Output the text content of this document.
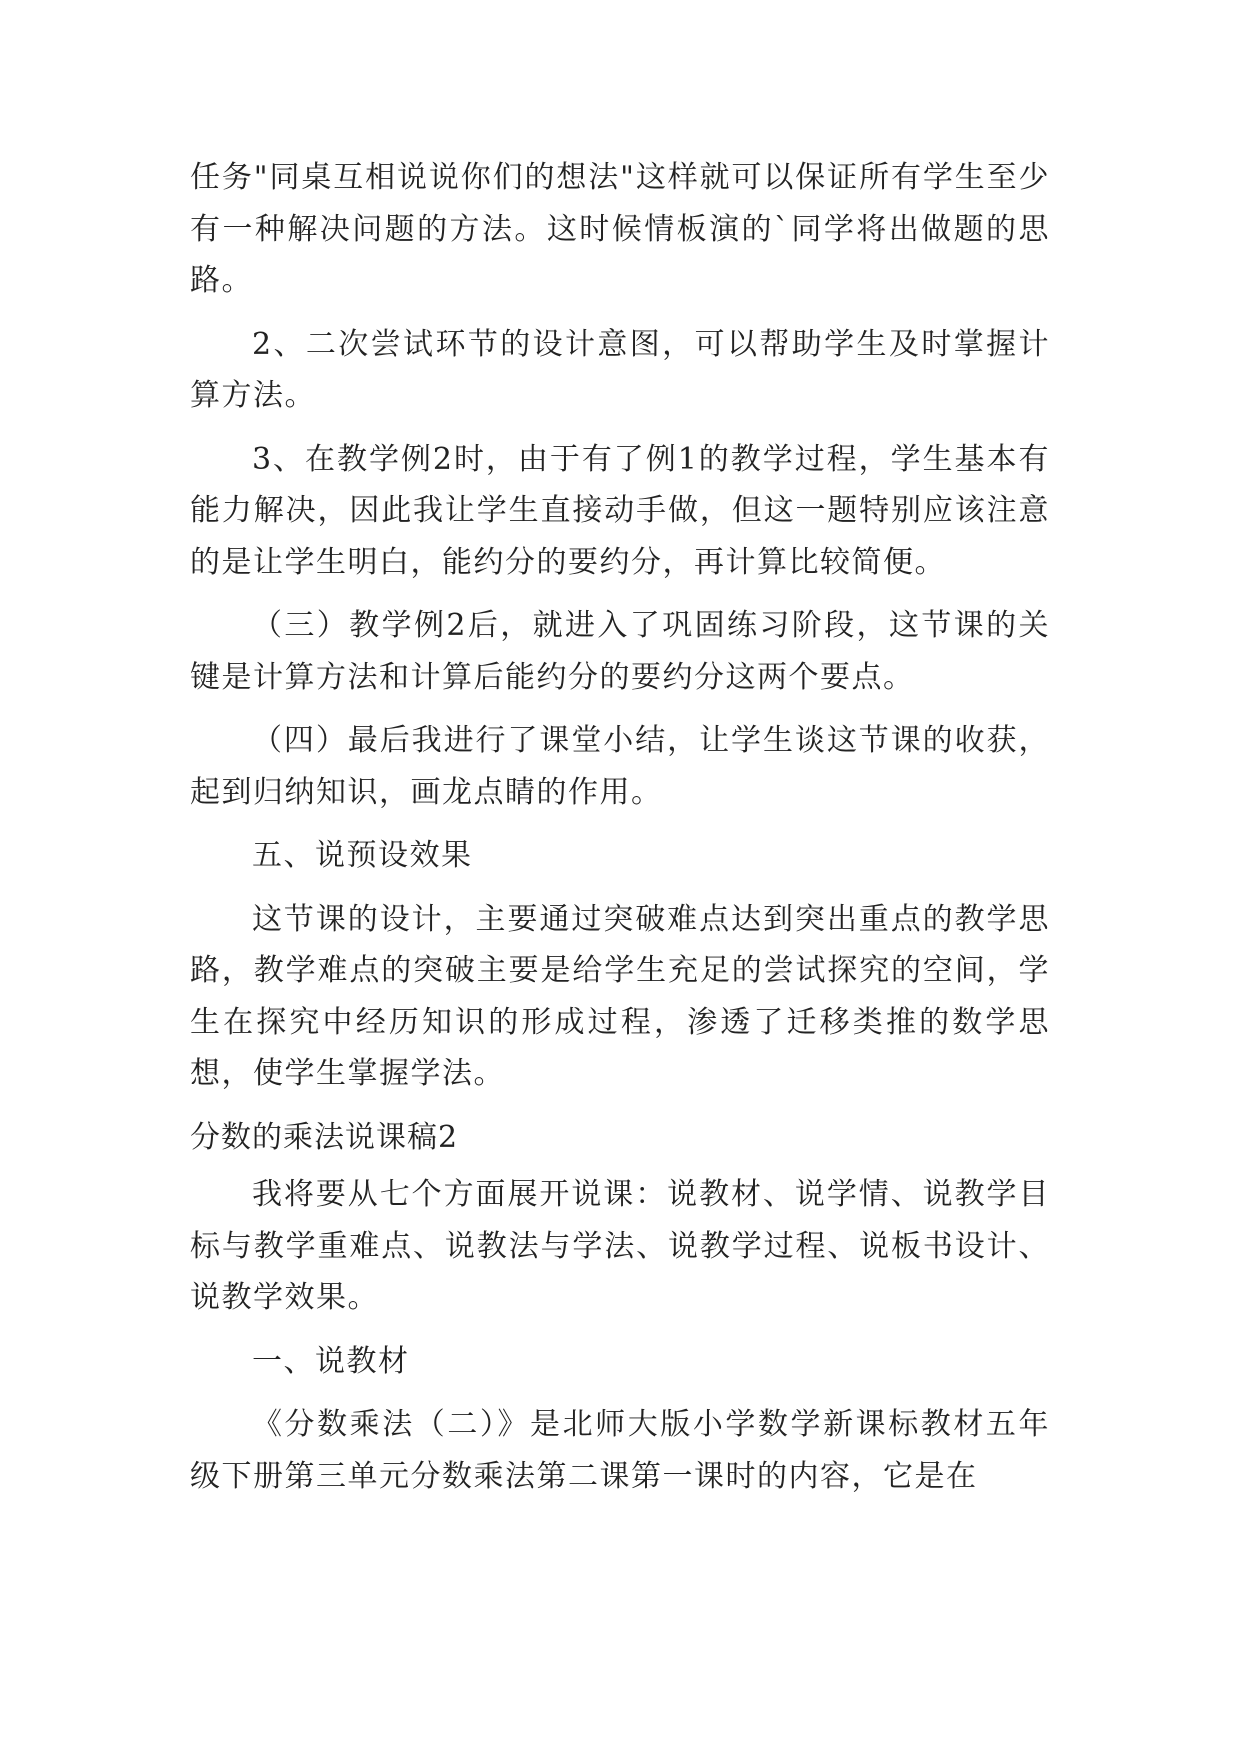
任务"同桌互相说说你们的想法"这样就可以保证所有学生至少有一种解决问题的方法。这时候情板演的`同学将出做题的思路。

2、二次尝试环节的设计意图，可以帮助学生及时掌握计算方法。

3、在教学例2时，由于有了例1的教学过程，学生基本有能力解决，因此我让学生直接动手做，但这一题特别应该注意的是让学生明白，能约分的要约分，再计算比较简便。

（三）教学例2后，就进入了巩固练习阶段，这节课的关键是计算方法和计算后能约分的要约分这两个要点。

（四）最后我进行了课堂小结，让学生谈这节课的收获，起到归纳知识，画龙点睛的作用。

五、说预设效果

这节课的设计，主要通过突破难点达到突出重点的教学思路，教学难点的突破主要是给学生充足的尝试探究的空间，学生在探究中经历知识的形成过程，渗透了迁移类推的数学思想，使学生掌握学法。

分数的乘法说课稿2

我将要从七个方面展开说课：说教材、说学情、说教学目标与教学重难点、说教法与学法、说教学过程、说板书设计、说教学效果。

一、说教材

《分数乘法（二）》是北师大版小学数学新课标教材五年级下册第三单元分数乘法第二课第一课时的内容，它是在
